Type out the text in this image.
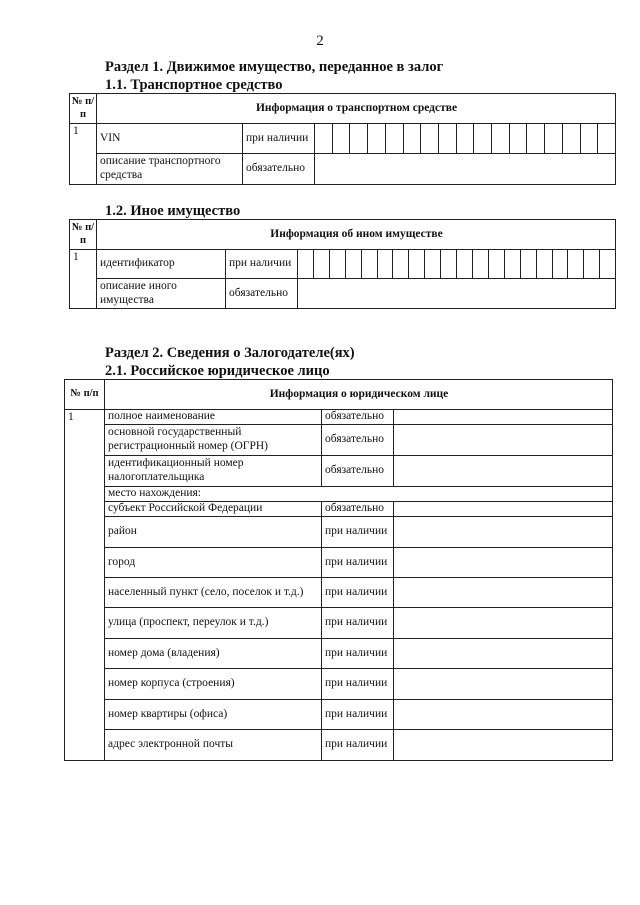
2
Раздел 1. Движимое имущество, переданное в залог
1.1. Транспортное средство
№ п/п	Информация о транспортном средстве		
1	VIN	при наличии	

	описание транспортного средства	обязательно	
1.2. Иное имущество
№ п/п	Информация об ином имуществе		
1	идентификатор	при наличии	

	описание иного имущества	обязательно	
Раздел 2. Сведения о Залогодателе(ях)
2.1. Российское юридическое лицо
№ п/п	Информация о юридическом лице		
1	полное наименование	обязательно	
	основной государственный регистрационный номер (ОГРН)	обязательно	
	идентификационный номер налогоплательщика	обязательно	
	место нахождения:		
	субъект Российской Федерации	обязательно	
	район	при наличии	
	город	при наличии	
	населенный пункт (село, поселок и т.д.)	при наличии	
	улица (проспект, переулок и т.д.)	при наличии	
	номер дома (владения)	при наличии	
	номер корпуса (строения)	при наличии	
	номер квартиры (офиса)	при наличии	
	адрес электронной почты	при наличии	
